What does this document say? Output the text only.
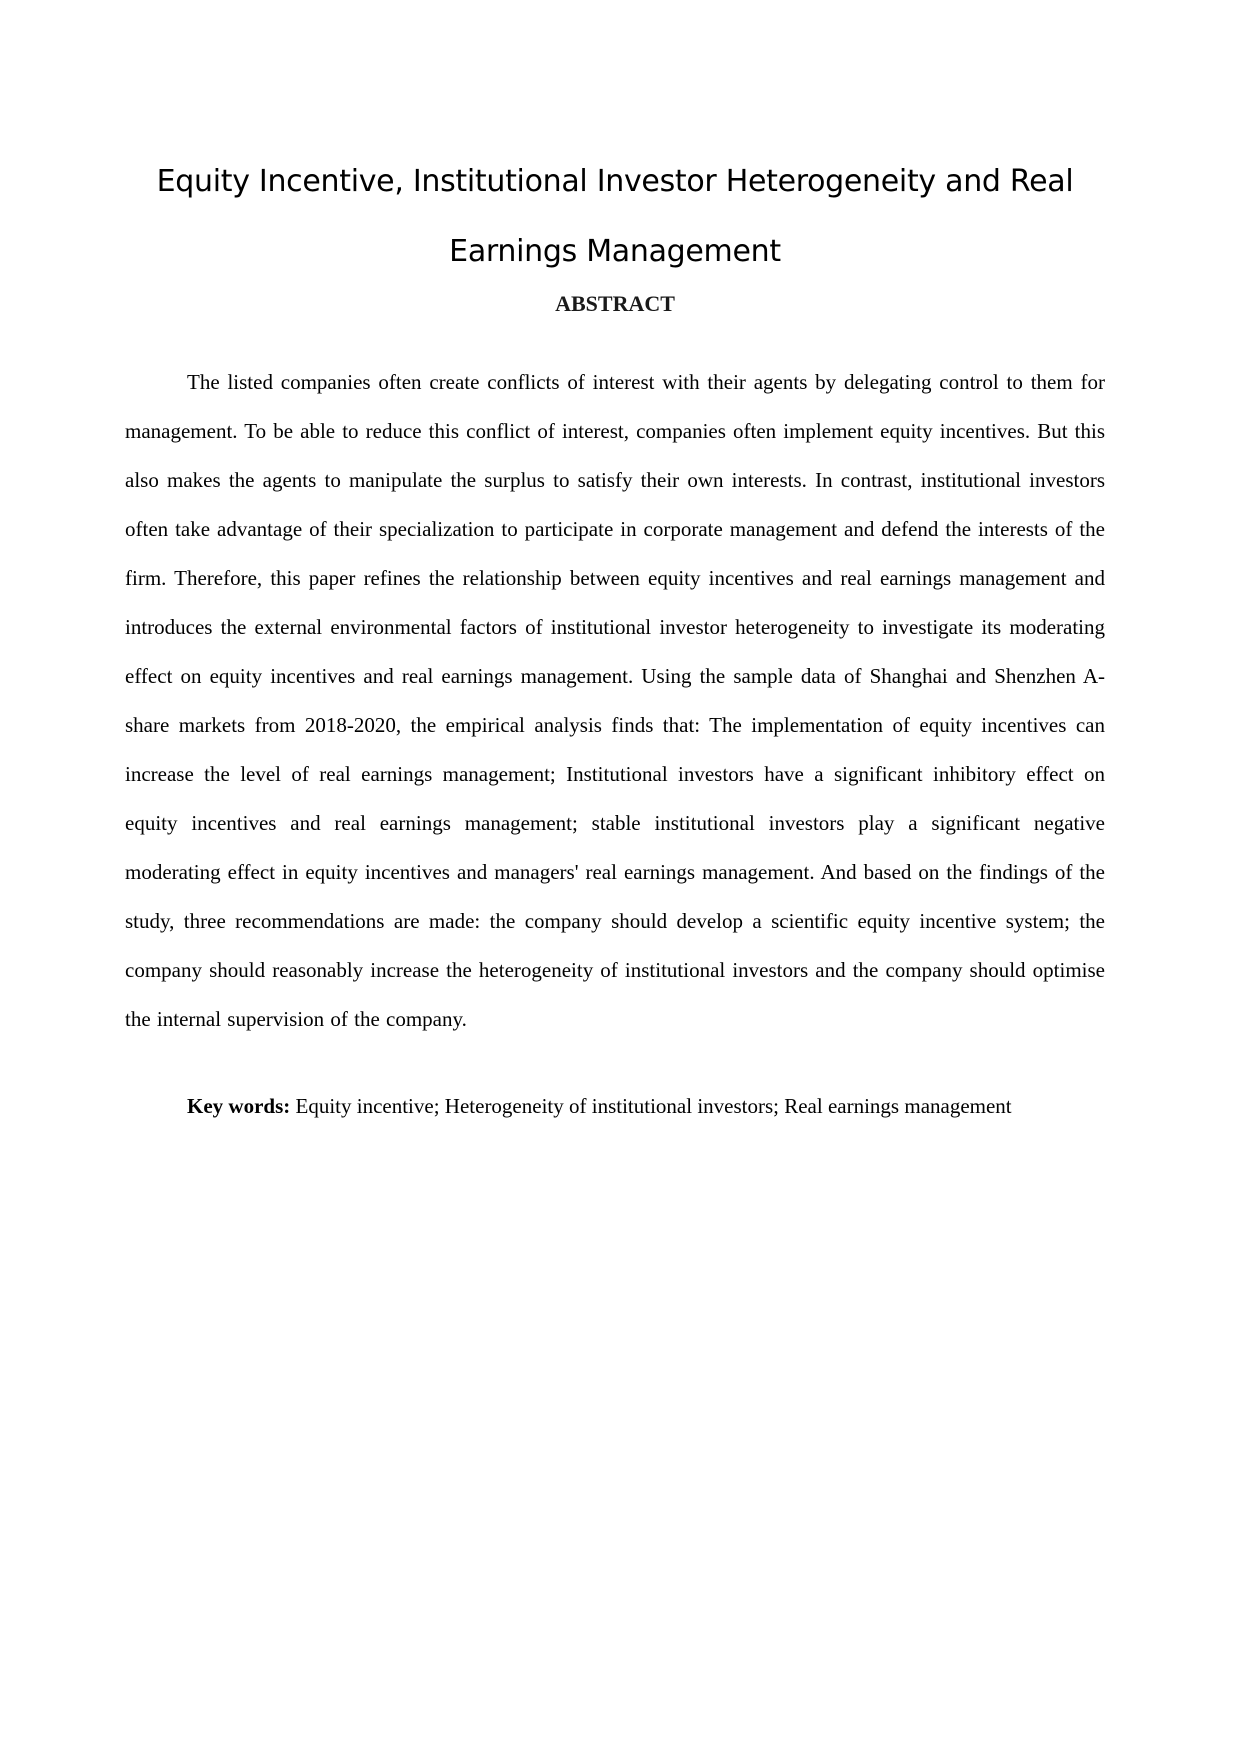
Equity Incentive, Institutional Investor Heterogeneity and Real Earnings Management
ABSTRACT

The listed companies often create conflicts of interest with their agents by delegating control to them for management. To be able to reduce this conflict of interest, companies often implement equity incentives. But this also makes the agents to manipulate the surplus to satisfy their own interests. In contrast, institutional investors often take advantage of their specialization to participate in corporate management and defend the interests of the firm. Therefore, this paper refines the relationship between equity incentives and real earnings management and introduces the external environmental factors of institutional investor heterogeneity to investigate its moderating effect on equity incentives and real earnings management. Using the sample data of Shanghai and Shenzhen A-share markets from 2018-2020, the empirical analysis finds that: The implementation of equity incentives can increase the level of real earnings management; Institutional investors have a significant inhibitory effect on equity incentives and real earnings management; stable institutional investors play a significant negative moderating effect in equity incentives and managers' real earnings management. And based on the findings of the study, three recommendations are made: the company should develop a scientific equity incentive system; the company should reasonably increase the heterogeneity of institutional investors and the company should optimise the internal supervision of the company.

Key words: Equity incentive; Heterogeneity of institutional investors; Real earnings management
